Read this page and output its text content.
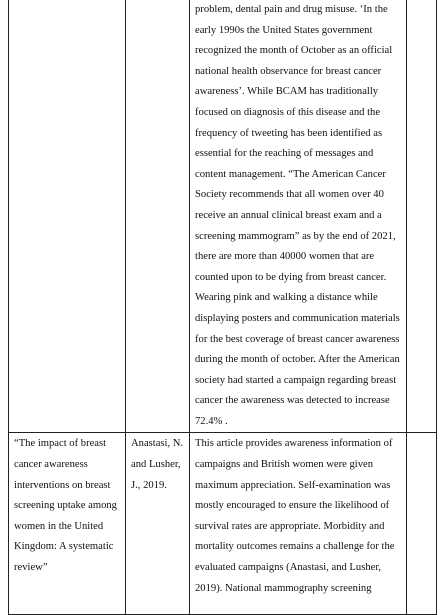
		problem, dental pain and drug misuse. ‘In the early 1990s the United States government recognized the month of October as an official national health observance for breast cancer awareness’. While BCAM has traditionally focused on diagnosis of this disease and the frequency of tweeting has been identified as essential for the reaching of messages and content management. “The American Cancer Society recommends that all women over 40 receive an annual clinical breast exam and a screening mammogram” as by the end of 2021, there are more than 40000 women that are counted upon to be dying from breast cancer. Wearing pink and walking a distance while displaying posters and communication materials for the best coverage of breast cancer awareness during the month of october. After the American society had started a campaign regarding breast cancer the awareness was detected to increase 72.4% .	

“The impact of breast cancer awareness interventions on breast screening uptake among women in the United Kingdom: A systematic review”	Anastasi, N. and Lusher, J., 2019.	This article provides awareness information of campaigns and British women were given maximum appreciation. Self-examination was mostly encouraged to ensure the likelihood of survival rates are appropriate. Morbidity and mortality outcomes remains a challenge for the evaluated campaigns (Anastasi, and Lusher, 2019). National mammography screening	
